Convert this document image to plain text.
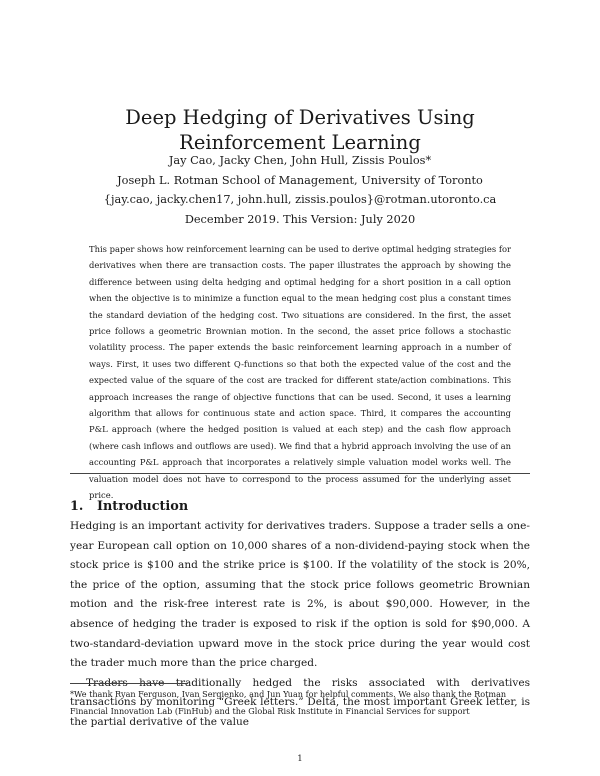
Deep Hedging of Derivatives Using Reinforcement Learning
Jay Cao, Jacky Chen, John Hull, Zissis Poulos*
Joseph L. Rotman School of Management, University of Toronto
{jay.cao, jacky.chen17, john.hull, zissis.poulos}@rotman.utoronto.ca
December 2019. This Version: July 2020
This paper shows how reinforcement learning can be used to derive optimal hedging strategies for derivatives when there are transaction costs. The paper illustrates the approach by showing the difference between using delta hedging and optimal hedging for a short position in a call option when the objective is to minimize a function equal to the mean hedging cost plus a constant times the standard deviation of the hedging cost. Two situations are considered. In the first, the asset price follows a geometric Brownian motion. In the second, the asset price follows a stochastic volatility process. The paper extends the basic reinforcement learning approach in a number of ways. First, it uses two different Q-functions so that both the expected value of the cost and the expected value of the square of the cost are tracked for different state/action combinations. This approach increases the range of objective functions that can be used. Second, it uses a learning algorithm that allows for continuous state and action space. Third, it compares the accounting P&L approach (where the hedged position is valued at each step) and the cash flow approach (where cash inflows and outflows are used). We find that a hybrid approach involving the use of an accounting P&L approach that incorporates a relatively simple valuation model works well. The valuation model does not have to correspond to the process assumed for the underlying asset price.
1. Introduction

Hedging is an important activity for derivatives traders. Suppose a trader sells a one-year European call option on 10,000 shares of a non-dividend-paying stock when the stock price is $100 and the strike price is $100. If the volatility of the stock is 20%, the price of the option, assuming that the stock price follows geometric Brownian motion and the risk-free interest rate is 2%, is about $90,000. However, in the absence of hedging the trader is exposed to risk if the option is sold for $90,000. A two-standard-deviation upward move in the stock price during the year would cost the trader much more than the price charged.

Traders have traditionally hedged the risks associated with derivatives transactions by monitoring “Greek letters.” Delta, the most important Greek letter, is the partial derivative of the value

*We thank Ryan Ferguson, Ivan Sergienko, and Jun Yuan for helpful comments. We also thank the Rotman Financial Innovation Lab (FinHub) and the Global Risk Institute in Financial Services for support
1
